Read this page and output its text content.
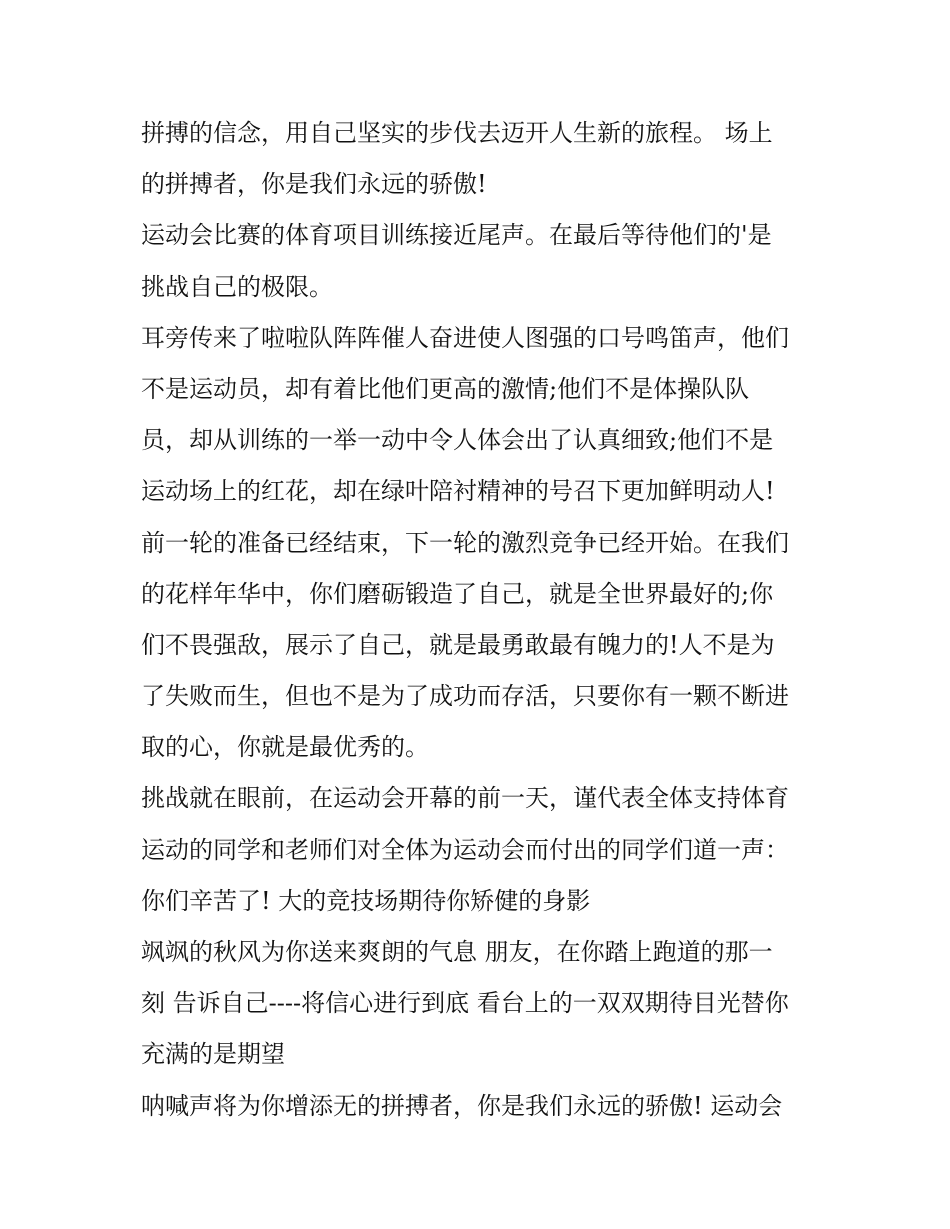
拼搏的信念，用自己坚实的步伐去迈开人生新的旅程。 场上
的拼搏者，你是我们永远的骄傲!
运动会比赛的体育项目训练接近尾声。在最后等待他们的'是
挑战自己的极限。
耳旁传来了啦啦队阵阵催人奋进使人图强的口号鸣笛声，他们
不是运动员，却有着比他们更高的激情;他们不是体操队队
员，却从训练的一举一动中令人体会出了认真细致;他们不是
运动场上的红花，却在绿叶陪衬精神的号召下更加鲜明动人!
前一轮的准备已经结束，下一轮的激烈竞争已经开始。在我们
的花样年华中，你们磨砺锻造了自己，就是全世界最好的;你
们不畏强敌，展示了自己，就是最勇敢最有魄力的!人不是为
了失败而生，但也不是为了成功而存活，只要你有一颗不断进
取的心，你就是最优秀的。
挑战就在眼前，在运动会开幕的前一天，谨代表全体支持体育
运动的同学和老师们对全体为运动会而付出的同学们道一声：
你们辛苦了! 大的竞技场期待你矫健的身影
飒飒的秋风为你送来爽朗的气息 朋友，在你踏上跑道的那一
刻 告诉自己----将信心进行到底 看台上的一双双期待目光替你
充满的是期望
呐喊声将为你增添无的拼搏者，你是我们永远的骄傲! 运动会
